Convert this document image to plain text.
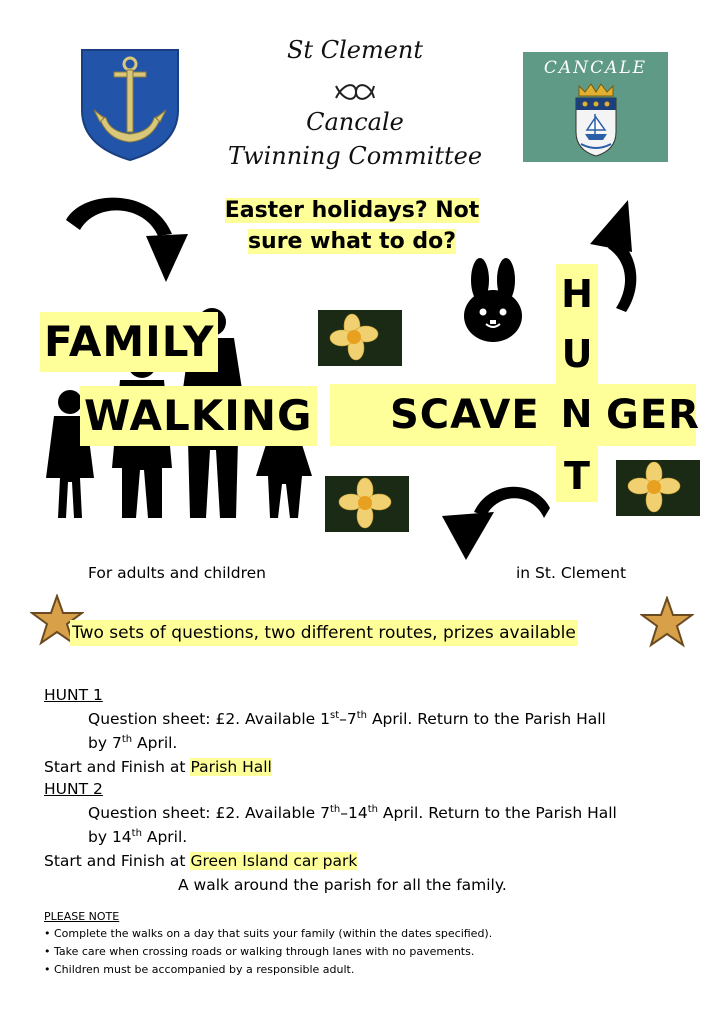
St Clement
Cancale
Twinning Committee
CANCALE
Easter holidays? Not
sure what to do?
FAMILY
WALKING
H
U
T
SCAVE N GER
For adults and children	in St. Clement
Two sets of questions, two different routes, prizes available
HUNT 1
Question sheet: £2. Available 1st–7th April. Return to the Parish Hall
by 7th April.
Start and Finish at Parish Hall
HUNT 2
Question sheet: £2. Available 7th–14th April. Return to the Parish Hall
by 14th April.
Start and Finish at Green Island car park
A walk around the parish for all the family.
PLEASE NOTE
• Complete the walks on a day that suits your family (within the dates specified).
• Take care when crossing roads or walking through lanes with no pavements.
• Children must be accompanied by a responsible adult.
